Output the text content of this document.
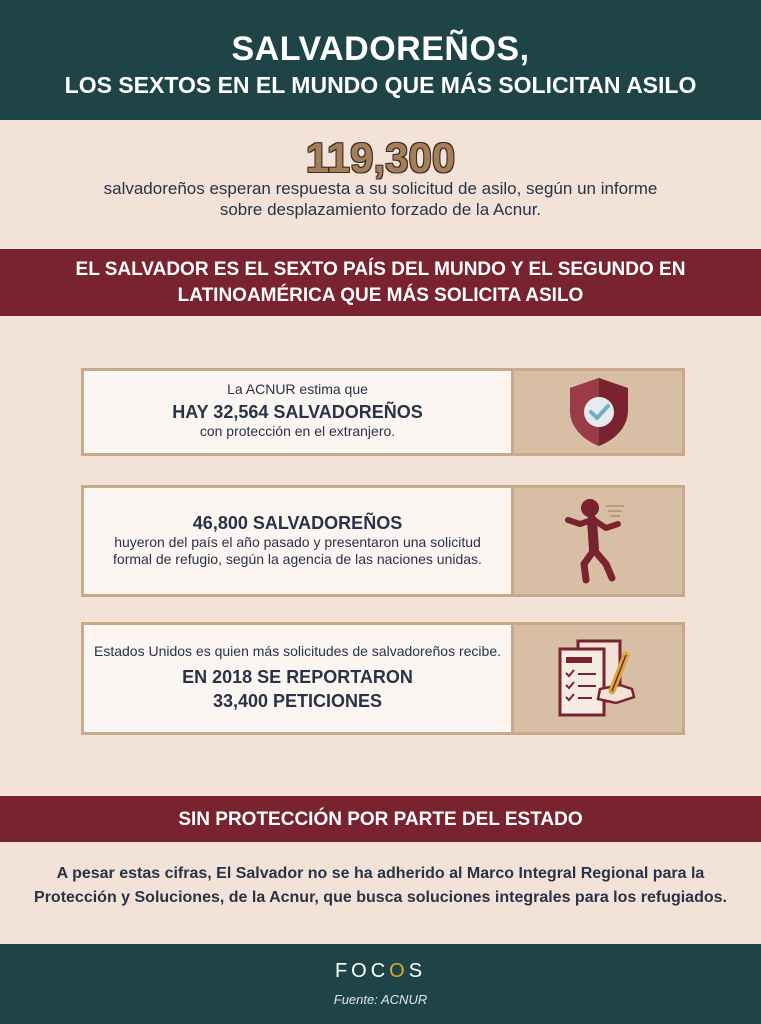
SALVADOREÑOS,
LOS SEXTOS EN EL MUNDO QUE MÁS SOLICITAN ASILO
119,300
salvadoreños esperan respuesta a su solicitud de asilo, según un informe
sobre desplazamiento forzado de la Acnur.
EL SALVADOR ES EL SEXTO PAÍS DEL MUNDO Y EL SEGUNDO EN
LATINOAMÉRICA QUE MÁS SOLICITA ASILO
La ACNUR estima que
HAY 32,564 SALVADOREÑOS
con protección en el extranjero.
46,800 SALVADOREÑOS
huyeron del país el año pasado y presentaron una solicitud
formal de refugio, según la agencia de las naciones unidas.
Estados Unidos es quien más solicitudes de salvadoreños recibe.
EN 2018 SE REPORTARON
33,400 PETICIONES
SIN PROTECCIÓN POR PARTE DEL ESTADO
A pesar estas cifras, El Salvador no se ha adherido al Marco Integral Regional para la
Protección y Soluciones, de la Acnur, que busca soluciones integrales para los refugiados.
FOCOS
Fuente: ACNUR
